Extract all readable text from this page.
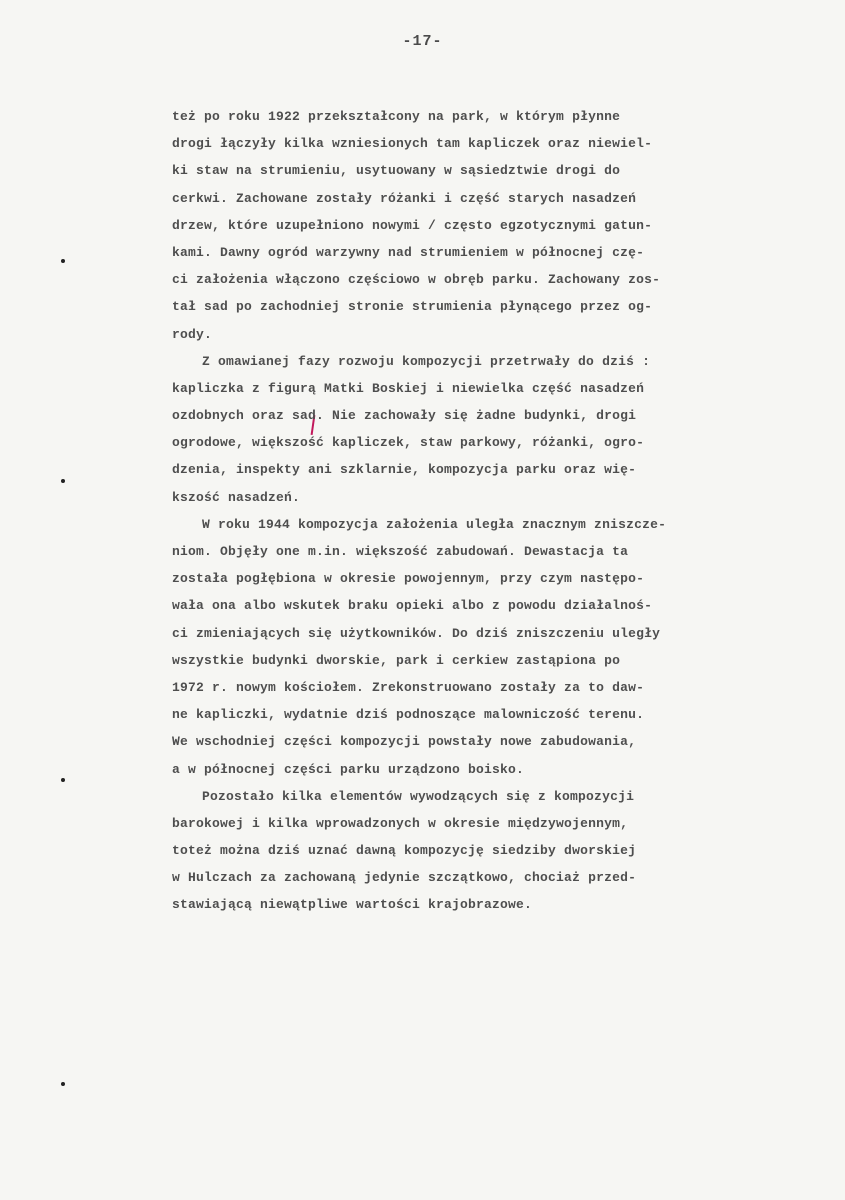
-17-
też po roku 1922 przekształcony na park, w którym płynne
drogi łączyły kilka wzniesionych tam kapliczek oraz niewiel-
ki staw na strumieniu, usytuowany w sąsiedztwie drogi do
cerkwi. Zachowane zostały różanki i część starych nasadzeń
drzew, które uzupełniono nowymi / często egzotycznymi gatun-
kami. Dawny ogród warzywny nad strumieniem w północnej czę-
ci założenia włączono częściowo w obręb parku. Zachowany zos-
tał sad po zachodniej stronie strumienia płynącego przez og-
rody.
Z omawianej fazy rozwoju kompozycji przetrwały do dziś :
kapliczka z figurą Matki Boskiej i niewielka część nasadzeń
ozdobnych oraz sad. Nie zachowały się żadne budynki, drogi
ogrodowe, większość kapliczek, staw parkowy, różanki, ogro-
dzenia, inspekty ani szklarnie, kompozycja parku oraz wię-
kszość nasadzeń.
W roku 1944 kompozycja założenia uległa znacznym zniszcze-
niom. Objęły one m.in. większość zabudowań. Dewastacja ta
została pogłębiona w okresie powojennym, przy czym następo-
wała ona albo wskutek braku opieki albo z powodu działalnoś-
ci zmieniających się użytkowników. Do dziś zniszczeniu uległy
wszystkie budynki dworskie, park i cerkiew zastąpiona po
1972 r. nowym kościołem. Zrekonstruowano zostały za to daw-
ne kapliczki, wydatnie dziś podnoszące malowniczość terenu.
We wschodniej części kompozycji powstały nowe zabudowania,
a w północnej części parku urządzono boisko.
Pozostało kilka elementów wywodzących się z kompozycji
barokowej i kilka wprowadzonych w okresie międzywojennym,
toteż można dziś uznać dawną kompozycję siedziby dworskiej
w Hulczach za zachowaną jedynie szczątkowo, chociaż przed-
stawiającą niewątpliwe wartości krajobrazowe.
